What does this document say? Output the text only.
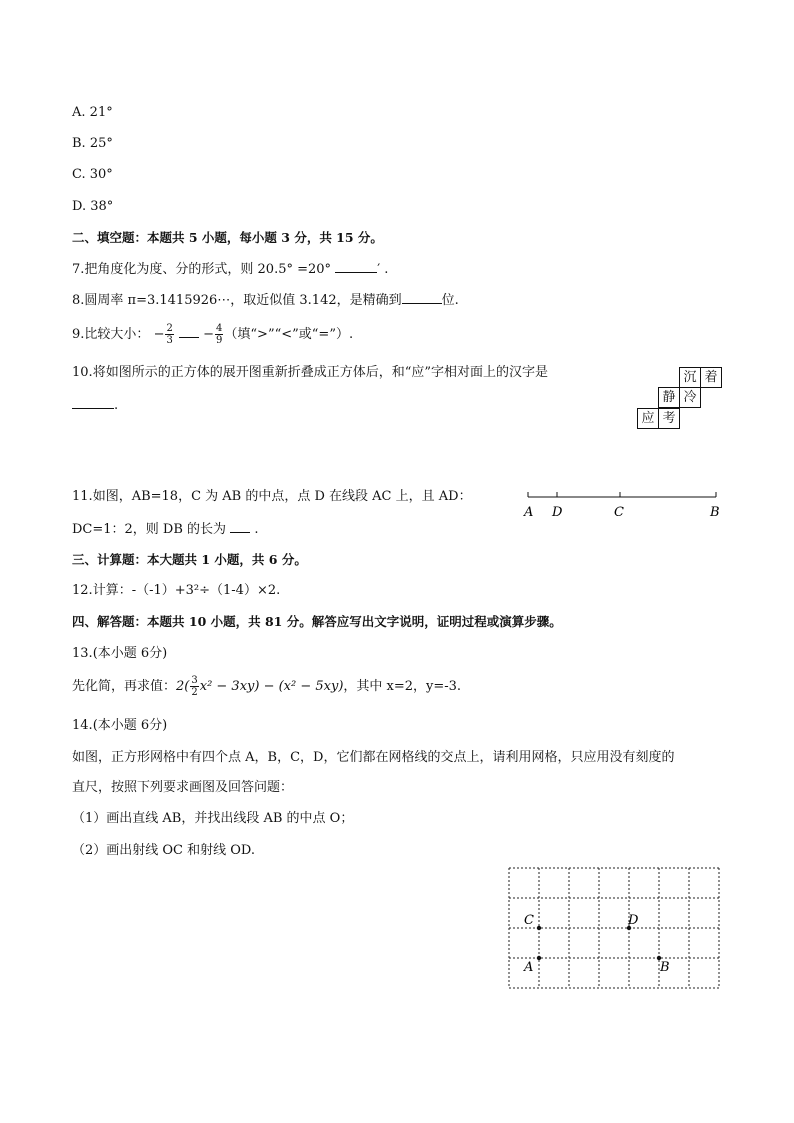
A. 21°
B. 25°
C. 30°
D. 38°
二、填空题：本题共 5 小题，每小题 3 分，共 15 分。
7.把角度化为度、分的形式，则 20.5° =20°	′ .
8.圆周率 π=3.1415926⋯，取近似值 3.142，是精确到	位.
9.比较大小： − $\frac{2}{3} - \frac{4}{9}$ （填“>”“<”或“=”）.
10.将如图所示的正方体的展开图重新折叠成正方体后，和“应”字相对面上的汉字是
.
沉 着
冷
静
应 考
11.如图，AB=18，C 为 AB 的中点，点 D 在线段 AC 上，且 AD：
DC=1：2，则 DB 的长为 .
A D	C	B
三、计算题：本大题共 1 小题，共 6 分。
12.计算：-（-1）+3²÷（1-4）×2.
四、解答题：本题共 10 小题，共 81 分。解答应写出文字说明，证明过程或演算步骤。
13.(本小题 6分)
先化简，再求值：$2( \frac{3}{2} x^2 - 3xy) - (x^2 - 5xy)$，其中 x=2，y=-3.
14.(本小题 6分)
如图，正方形网格中有四个点 A，B，C，D，它们都在网格线的交点上，请利用网格，只应用没有刻度的
直尺，按照下列要求画图及回答问题：
（1）画出直线 AB，并找出线段 AB 的中点 O；
（2）画出射线 OC 和射线 OD.
C	D
A	B
